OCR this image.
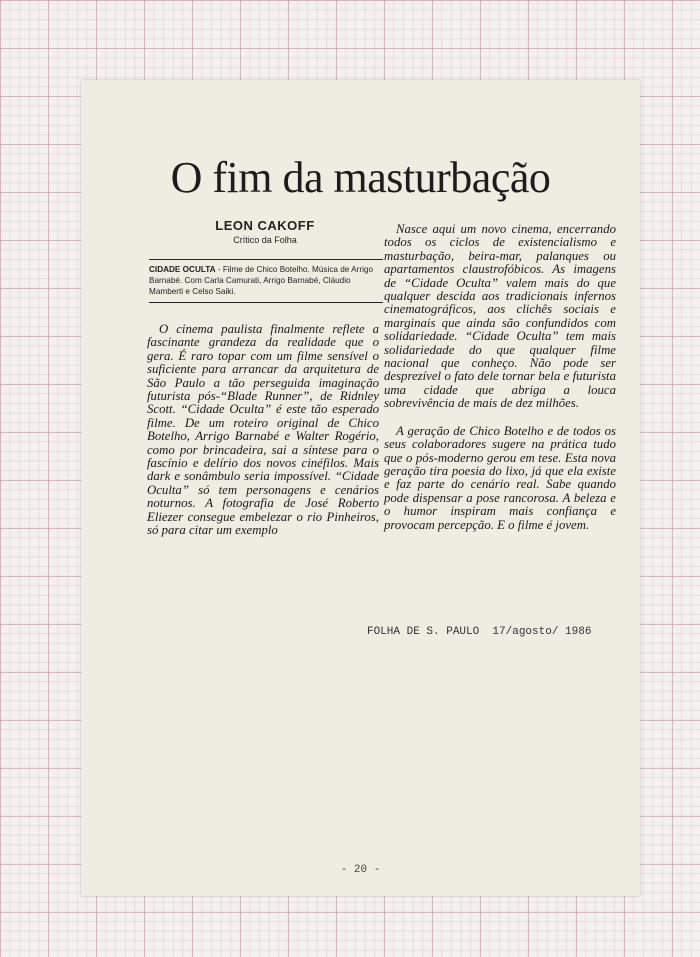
O fim da masturbação
LEON CAKOFF
Crítico da Folha
CIDADE OCULTA - Filme de Chico Botelho. Música de Arrigo Barnabé. Com Carla Camurati, Arrigo Barnabé, Cláudio Mamberti e Celso Saiki.

O cinema paulista finalmente reflete a fascinante grandeza da realidade que o gera. É raro topar com um filme sensível o suficiente para arrancar da arquitetura de São Paulo a tão perseguida imaginação futurista pós-“Blade Runner”, de Ridnley Scott. “Cidade Oculta” é este tão esperado filme. De um roteiro original de Chico Botelho, Arrigo Barnabé e Walter Rogério, como por brincadeira, sai a síntese para o fascínio e delírio dos novos cinéfilos. Mais dark e sonâmbulo seria impossível. “Cidade Oculta” só tem personagens e cenários noturnos. A fotografia de José Roberto Eliezer consegue embelezar o rio Pinheiros, só para citar um exemplo

Nasce aqui um novo cinema, encerrando todos os ciclos de existencialismo e masturbação, beira-mar, palanques ou apartamentos claustrofóbicos. As imagens de “Cidade Oculta” valem mais do que qualquer descida aos tradicionais infernos cinematográficos, aos clichês sociais e marginais que ainda são confundidos com solidariedade. “Cidade Oculta” tem mais solidariedade do que qualquer filme nacional que conheço. Não pode ser desprezível o fato dele tornar bela e futurista uma cidade que abriga a louca sobrevivência de mais de dez milhões.

A geração de Chico Botelho e de todos os seus colaboradores sugere na prática tudo que o pós-moderno gerou em tese. Esta nova geração tira poesia do lixo, já que ela existe e faz parte do cenário real. Sabe quando pode dispensar a pose rancorosa. A beleza e o humor inspiram mais confiança e provocam percepção. E o filme é jovem.

FOLHA DE S. PAULO  17/agosto/ 1986
- 20 -
